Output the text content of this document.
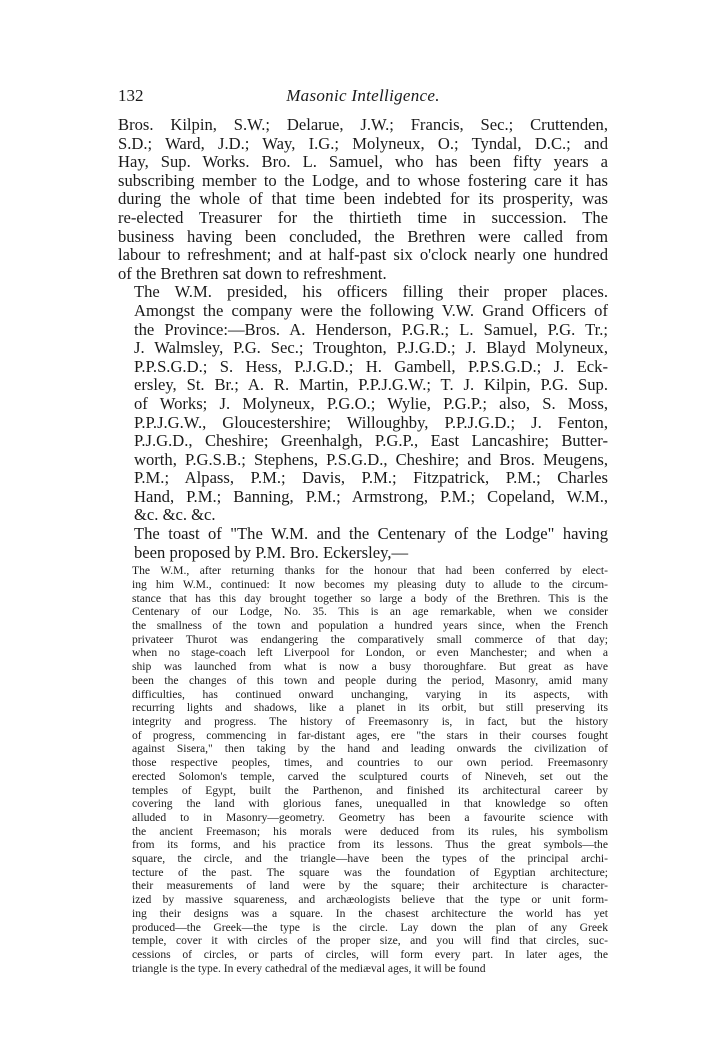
132	Masonic Intelligence.

Bros. Kilpin, S.W.; Delarue, J.W.; Francis, Sec.; Cruttenden,
S.D.; Ward, J.D.; Way, I.G.; Molyneux, O.; Tyndal, D.C.; and
Hay, Sup. Works. Bro. L. Samuel, who has been fifty years a
subscribing member to the Lodge, and to whose fostering care it has
during the whole of that time been indebted for its prosperity, was
re-elected Treasurer for the thirtieth time in succession. The
business having been concluded, the Brethren were called from
labour to refreshment; and at half-past six o'clock nearly one hundred
of the Brethren sat down to refreshment.

The W.M. presided, his officers filling their proper places.
Amongst the company were the following V.W. Grand Officers of
the Province:—Bros. A. Henderson, P.G.R.; L. Samuel, P.G. Tr.;
J. Walmsley, P.G. Sec.; Troughton, P.J.G.D.; J. Blayd Molyneux,
P.P.S.G.D.; S. Hess, P.J.G.D.; H. Gambell, P.P.S.G.D.; J. Eck-
ersley, St. Br.; A. R. Martin, P.P.J.G.W.; T. J. Kilpin, P.G. Sup.
of Works; J. Molyneux, P.G.O.; Wylie, P.G.P.; also, S. Moss,
P.P.J.G.W., Gloucestershire; Willoughby, P.P.J.G.D.; J. Fenton,
P.J.G.D., Cheshire; Greenhalgh, P.G.P., East Lancashire; Butter-
worth, P.G.S.B.; Stephens, P.S.G.D., Cheshire; and Bros. Meugens,
P.M.; Alpass, P.M.; Davis, P.M.; Fitzpatrick, P.M.; Charles
Hand, P.M.; Banning, P.M.; Armstrong, P.M.; Copeland, W.M.,
&c. &c. &c.

The toast of "The W.M. and the Centenary of the Lodge" having
been proposed by P.M. Bro. Eckersley,—

The W.M., after returning thanks for the honour that had been conferred by elect-
ing him W.M., continued: It now becomes my pleasing duty to allude to the circum-
stance that has this day brought together so large a body of the Brethren. This is the
Centenary of our Lodge, No. 35. This is an age remarkable, when we consider
the smallness of the town and population a hundred years since, when the French
privateer Thurot was endangering the comparatively small commerce of that day;
when no stage-coach left Liverpool for London, or even Manchester; and when a
ship was launched from what is now a busy thoroughfare. But great as have
been the changes of this town and people during the period, Masonry, amid many
difficulties, has continued onward unchanging, varying in its aspects, with
recurring lights and shadows, like a planet in its orbit, but still preserving its
integrity and progress. The history of Freemasonry is, in fact, but the history
of progress, commencing in far-distant ages, ere "the stars in their courses fought
against Sisera," then taking by the hand and leading onwards the civilization of
those respective peoples, times, and countries to our own period. Freemasonry
erected Solomon's temple, carved the sculptured courts of Nineveh, set out the
temples of Egypt, built the Parthenon, and finished its architectural career by
covering the land with glorious fanes, unequalled in that knowledge so often
alluded to in Masonry—geometry. Geometry has been a favourite science with
the ancient Freemason; his morals were deduced from its rules, his symbolism
from its forms, and his practice from its lessons. Thus the great symbols—the
square, the circle, and the triangle—have been the types of the principal archi-
tecture of the past. The square was the foundation of Egyptian architecture;
their measurements of land were by the square; their architecture is character-
ized by massive squareness, and archæologists believe that the type or unit form-
ing their designs was a square. In the chasest architecture the world has yet
produced—the Greek—the type is the circle. Lay down the plan of any Greek
temple, cover it with circles of the proper size, and you will find that circles, suc-
cessions of circles, or parts of circles, will form every part. In later ages, the
triangle is the type. In every cathedral of the mediæval ages, it will be found
